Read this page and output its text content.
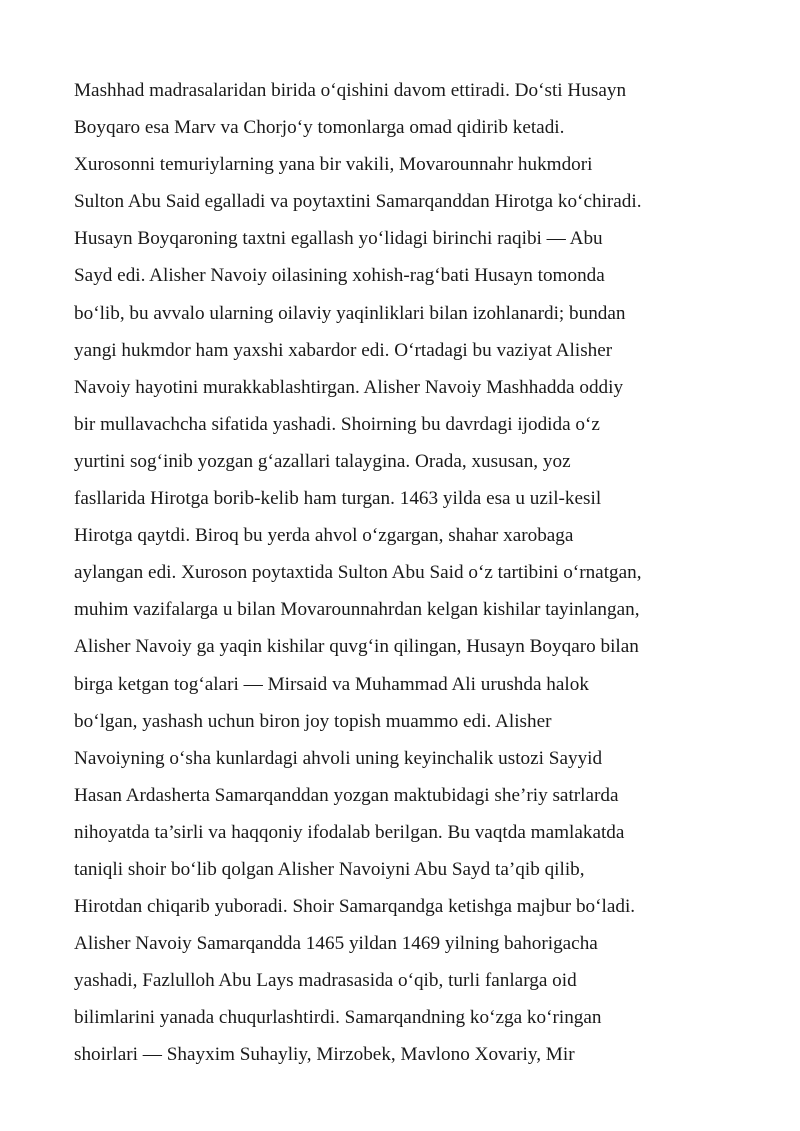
Mashhad madrasalaridan birida o‘qishini davom ettiradi. Do‘sti Husayn
Boyqaro esa Marv va Chorjo‘y tomonlarga omad qidirib ketadi.
Xurosonni temuriylarning yana bir vakili, Movarounnahr hukmdori
Sulton Abu Said egalladi va poytaxtini Samarqanddan Hirotga ko‘chiradi.
Husayn Boyqaroning taxtni egallash yo‘lidagi birinchi raqibi — Abu
Sayd edi. Alisher Navoiy oilasining xohish-rag‘bati Husayn tomonda
bo‘lib, bu avvalo ularning oilaviy yaqinliklari bilan izohlanardi; bundan
yangi hukmdor ham yaxshi xabardor edi. O‘rtadagi bu vaziyat Alisher
Navoiy hayotini murakkablashtirgan. Alisher Navoiy Mashhadda oddiy
bir mullavachcha sifatida yashadi. Shoirning bu davrdagi ijodida o‘z
yurtini sog‘inib yozgan g‘azallari talaygina. Orada, xususan, yoz
fasllarida Hirotga borib-kelib ham turgan. 1463 yilda esa u uzil-kesil
Hirotga qaytdi. Biroq bu yerda ahvol o‘zgargan, shahar xarobaga
aylangan edi. Xuroson poytaxtida Sulton Abu Said o‘z tartibini o‘rnatgan,
muhim vazifalarga u bilan Movarounnahrdan kelgan kishilar tayinlangan,
Alisher Navoiy ga yaqin kishilar quvg‘in qilingan, Husayn Boyqaro bilan
birga ketgan tog‘alari — Mirsaid va Muhammad Ali urushda halok
bo‘lgan, yashash uchun biron joy topish muammo edi. Alisher
Navoiyning o‘sha kunlardagi ahvoli uning keyinchalik ustozi Sayyid
Hasan Ardasherta Samarqanddan yozgan maktubidagi she’riy satrlarda
nihoyatda ta’sirli va haqqoniy ifodalab berilgan. Bu vaqtda mamlakatda
taniqli shoir bo‘lib qolgan Alisher Navoiyni Abu Sayd ta’qib qilib,
Hirotdan chiqarib yuboradi. Shoir Samarqandga ketishga majbur bo‘ladi.
Alisher Navoiy Samarqandda 1465 yildan 1469 yilning bahorigacha
yashadi, Fazlulloh Abu Lays madrasasida o‘qib, turli fanlarga oid
bilimlarini yanada chuqurlashtirdi. Samarqandning ko‘zga ko‘ringan
shoirlari — Shayxim Suhayliy, Mirzobek, Mavlono Xovariy, Mir
